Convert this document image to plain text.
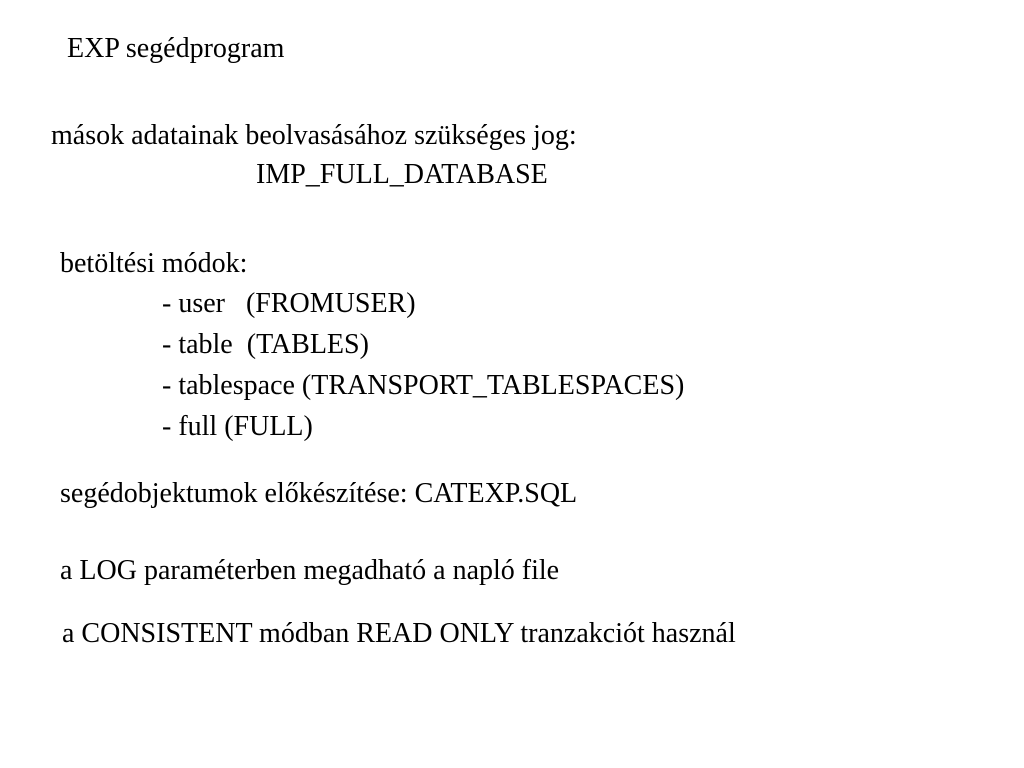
EXP segédprogram
mások adatainak beolvasásához szükséges jog:
IMP_FULL_DATABASE
betöltési módok:
- user   (FROMUSER)
- table  (TABLES)
- tablespace (TRANSPORT_TABLESPACES)
- full (FULL)
segédobjektumok előkészítése: CATEXP.SQL
a LOG paraméterben megadható a napló file
a CONSISTENT módban READ ONLY tranzakciót használ
